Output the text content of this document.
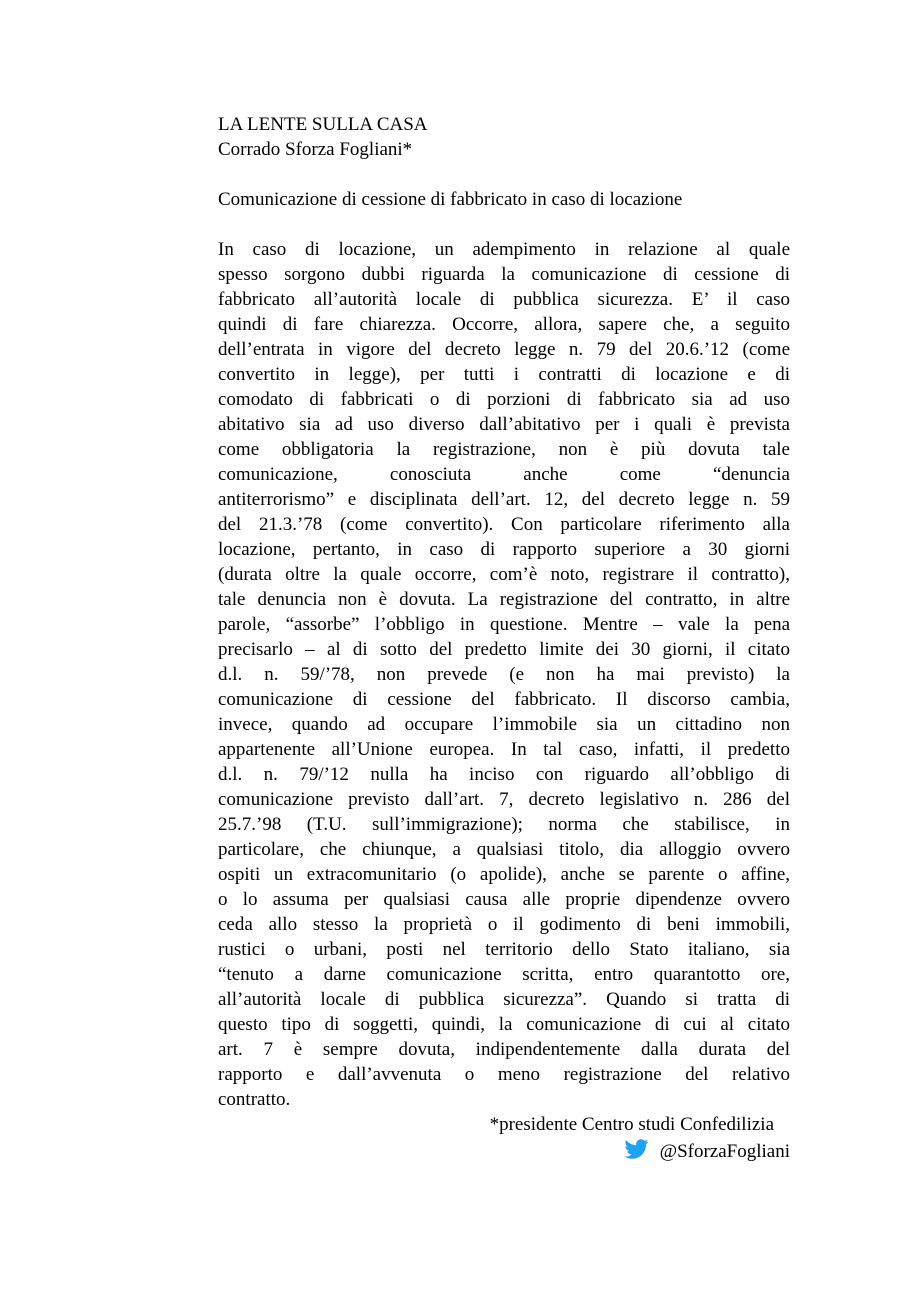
LA LENTE SULLA CASA
Corrado Sforza Fogliani*
Comunicazione di cessione di fabbricato in caso di locazione
In caso di locazione, un adempimento in relazione al quale
spesso sorgono dubbi riguarda la comunicazione di cessione di
fabbricato all’autorità locale di pubblica sicurezza. E’ il caso
quindi di fare chiarezza. Occorre, allora, sapere che, a seguito
dell’entrata in vigore del decreto legge n. 79 del 20.6.’12 (come
convertito in legge), per tutti i contratti di locazione e di
comodato di fabbricati o di porzioni di fabbricato sia ad uso
abitativo sia ad uso diverso dall’abitativo per i quali è prevista
come obbligatoria la registrazione, non è più dovuta tale
comunicazione, conosciuta anche come “denuncia
antiterrorismo” e disciplinata dell’art. 12, del decreto legge n. 59
del 21.3.’78 (come convertito). Con particolare riferimento alla
locazione, pertanto, in caso di rapporto superiore a 30 giorni
(durata oltre la quale occorre, com’è noto, registrare il contratto),
tale denuncia non è dovuta. La registrazione del contratto, in altre
parole, “assorbe” l’obbligo in questione. Mentre – vale la pena
precisarlo – al di sotto del predetto limite dei 30 giorni, il citato
d.l. n. 59/’78, non prevede (e non ha mai previsto) la
comunicazione di cessione del fabbricato. Il discorso cambia,
invece, quando ad occupare l’immobile sia un cittadino non
appartenente all’Unione europea. In tal caso, infatti, il predetto
d.l. n. 79/’12 nulla ha inciso con riguardo all’obbligo di
comunicazione previsto dall’art. 7, decreto legislativo n. 286 del
25.7.’98 (T.U. sull’immigrazione); norma che stabilisce, in
particolare, che chiunque, a qualsiasi titolo, dia alloggio ovvero
ospiti un extracomunitario (o apolide), anche se parente o affine,
o lo assuma per qualsiasi causa alle proprie dipendenze ovvero
ceda allo stesso la proprietà o il godimento di beni immobili,
rustici o urbani, posti nel territorio dello Stato italiano, sia
“tenuto a darne comunicazione scritta, entro quarantotto ore,
all’autorità locale di pubblica sicurezza”. Quando si tratta di
questo tipo di soggetti, quindi, la comunicazione di cui al citato
art. 7 è sempre dovuta, indipendentemente dalla durata del
rapporto e dall’avvenuta o meno registrazione del relativo
contratto.
*presidente Centro studi Confedilizia
@SforzaFogliani
